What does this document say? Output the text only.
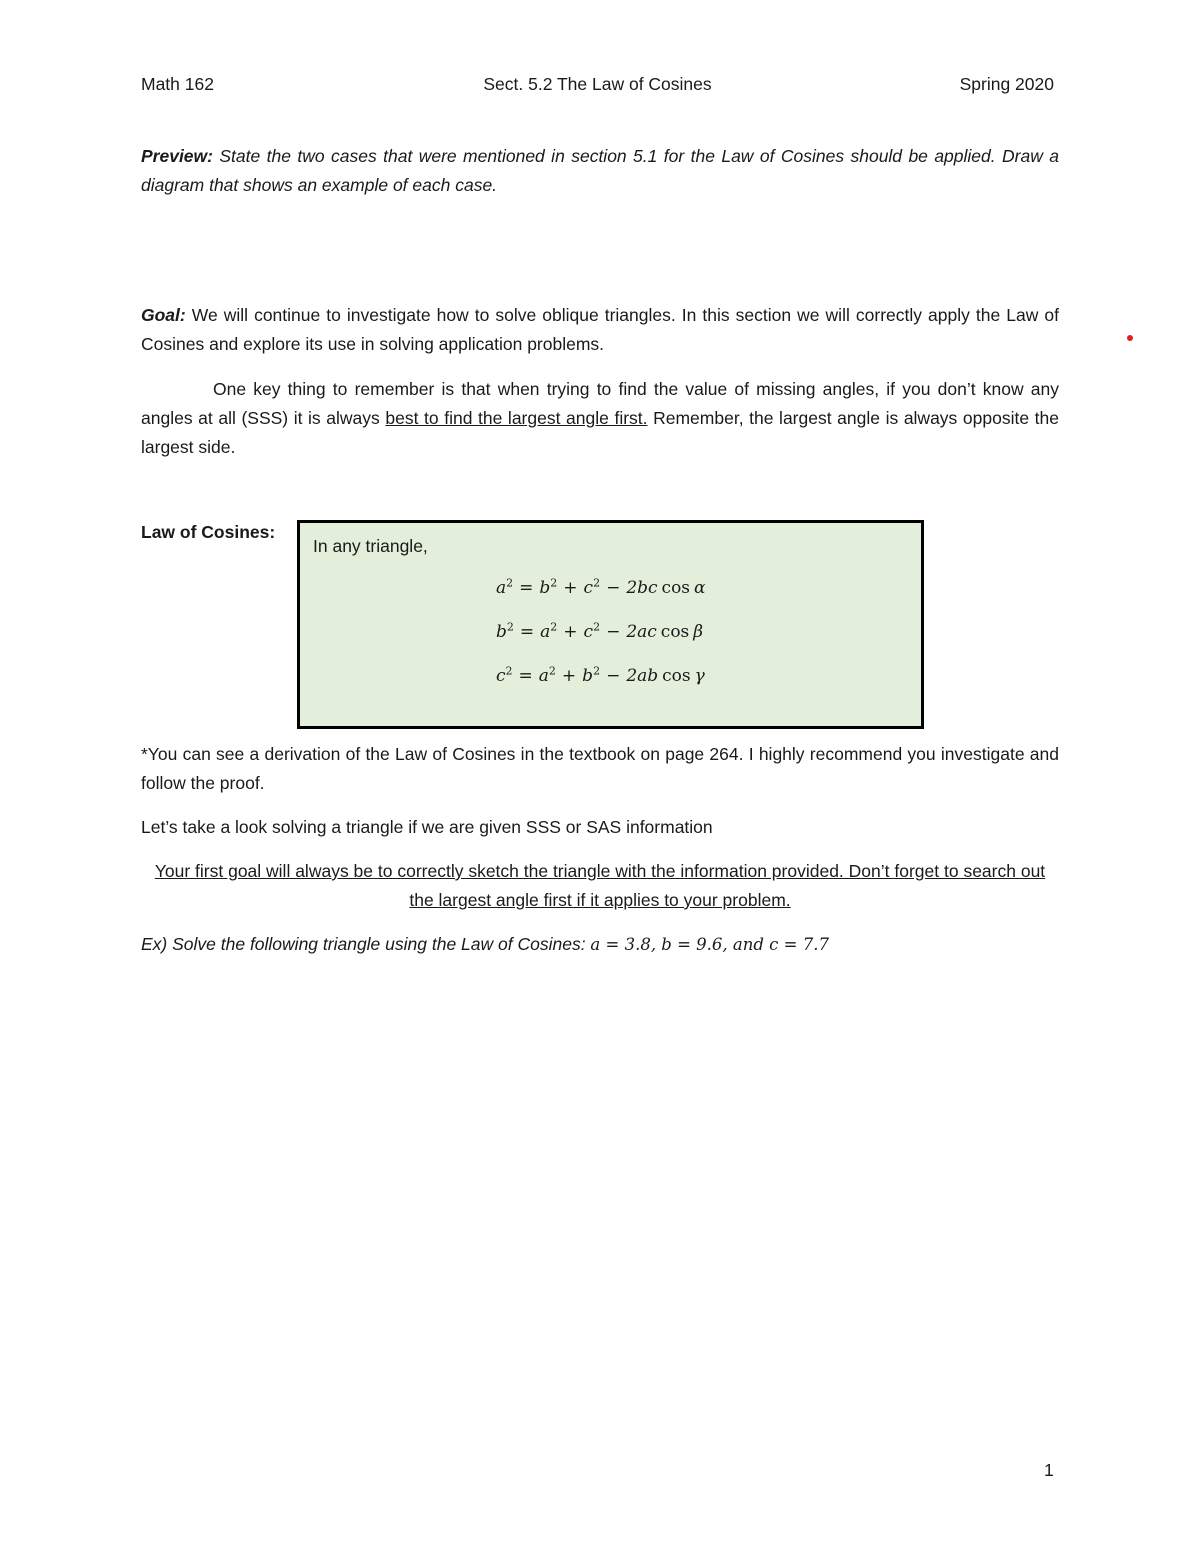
Math 162	Sect. 5.2 The Law of Cosines	Spring 2020

Preview: State the two cases that were mentioned in section 5.1 for the Law of Cosines should be applied. Draw a diagram that shows an example of each case.

Goal: We will continue to investigate how to solve oblique triangles. In this section we will correctly apply the Law of Cosines and explore its use in solving application problems.

One key thing to remember is that when trying to find the value of missing angles, if you don’t know any angles at all (SSS) it is always best to find the largest angle first. Remember, the largest angle is always opposite the largest side.

Law of Cosines:
In any triangle,
$a^2 = b^2 + c^2 - 2bc$ cos α
$b^2 = a^2 + c^2 - 2ac$ cos β
$c^2 = a^2 + b^2 - 2ab$ cos γ
*You can see a derivation of the Law of Cosines in the textbook on page 264. I highly recommend you investigate and follow the proof.
Let’s take a look solving a triangle if we are given SSS or SAS information
Your first goal will always be to correctly sketch the triangle with the information provided. Don’t forget to search out the largest angle first if it applies to your problem.
Ex) Solve the following triangle using the Law of Cosines: a = 3.8, b = 9.6, and c = 7.7
1
